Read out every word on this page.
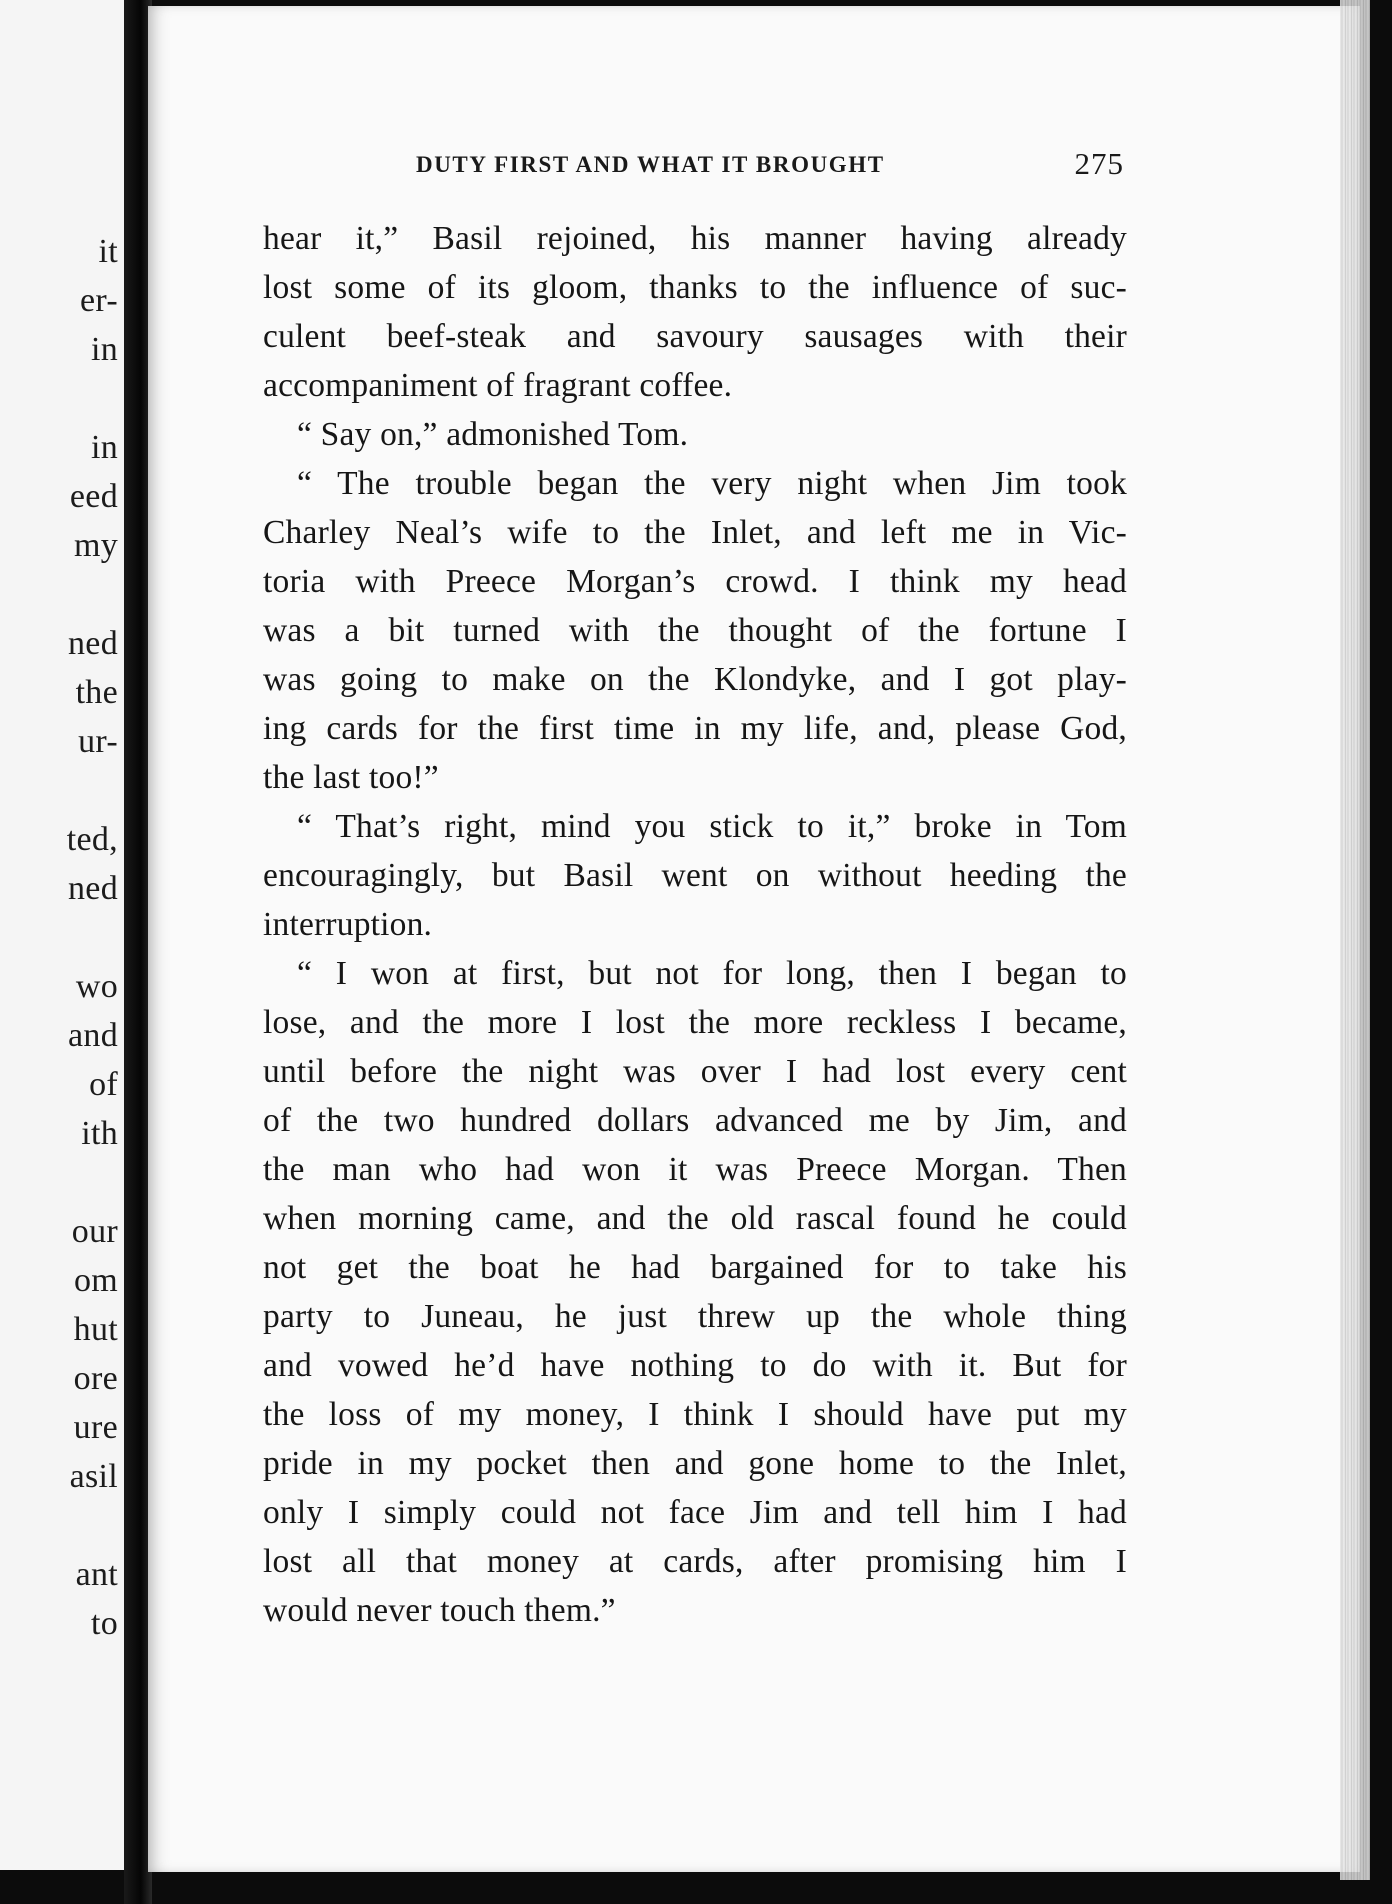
it
er-
in
in
eed
my
ned
the
ur-
ted,
ned
wo
and
of
ith
our
om
hut
ore
ure
asil
ant
to
DUTY FIRST AND WHAT IT BROUGHT	275
hear it,” Basil rejoined, his manner having already
lost some of its gloom, thanks to the influence of suc-
culent beef-steak and savoury sausages with their
accompaniment of fragrant coffee.
“ Say on,” admonished Tom.
“ The trouble began the very night when Jim took
Charley Neal’s wife to the Inlet, and left me in Vic-
toria with Preece Morgan’s crowd. I think my head
was a bit turned with the thought of the fortune I
was going to make on the Klondyke, and I got play-
ing cards for the first time in my life, and, please God,
the last too!”
“ That’s right, mind you stick to it,” broke in Tom
encouragingly, but Basil went on without heeding the
interruption.
“ I won at first, but not for long, then I began to
lose, and the more I lost the more reckless I became,
until before the night was over I had lost every cent
of the two hundred dollars advanced me by Jim, and
the man who had won it was Preece Morgan. Then
when morning came, and the old rascal found he could
not get the boat he had bargained for to take his
party to Juneau, he just threw up the whole thing
and vowed he’d have nothing to do with it. But for
the loss of my money, I think I should have put my
pride in my pocket then and gone home to the Inlet,
only I simply could not face Jim and tell him I had
lost all that money at cards, after promising him I
would never touch them.”
